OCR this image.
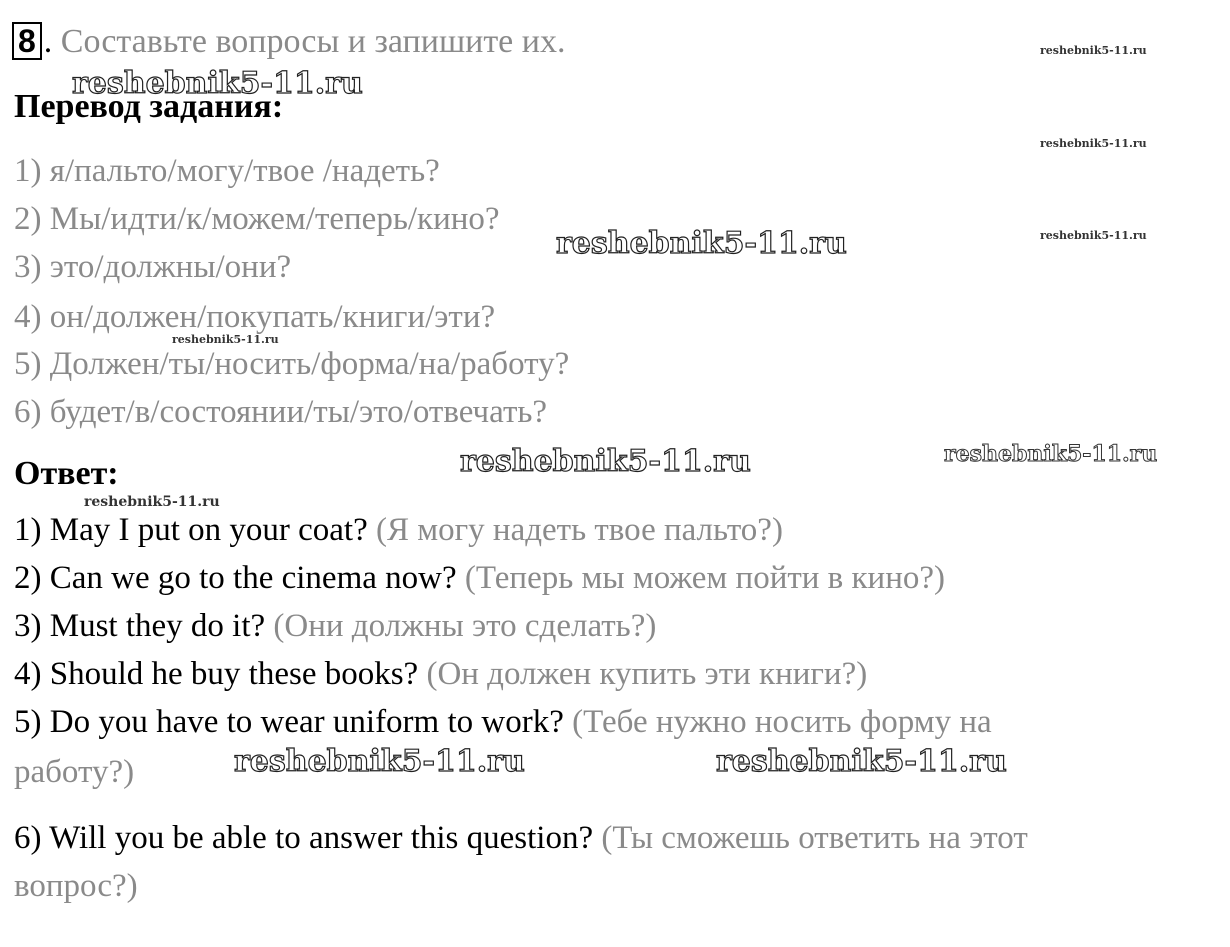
8 . Составьте вопросы и запишите их.
Перевод задания:
1) я/пальто/могу/твое /надеть?
2) Мы/идти/к/можем/теперь/кино?
3) это/должны/они?
4) он/должен/покупать/книги/эти?
5) Должен/ты/носить/форма/на/работу?
6) будет/в/состоянии/ты/это/отвечать?
Ответ:
1) May I put on your coat? (Я могу надеть твое пальто?)
2) Can we go to the cinema now? (Теперь мы можем пойти в кино?)
3) Must they do it? (Они должны это сделать?)
4) Should he buy these books? (Он должен купить эти книги?)
5) Do you have to wear uniform to work? (Тебе нужно носить форму на
работу?)
6) Will you be able to answer this question? (Ты сможешь ответить на этот
вопрос?)
reshebnik5-11.ru
reshebnik5-11.ru
reshebnik5-11.ru
reshebnik5-11.ru
reshebnik5-11.ru
reshebnik5-11.ru
reshebnik5-11.ru	reshebnik5-11.ru
reshebnik5-11.ru
reshebnik5-11.ru	reshebnik5-11.ru
